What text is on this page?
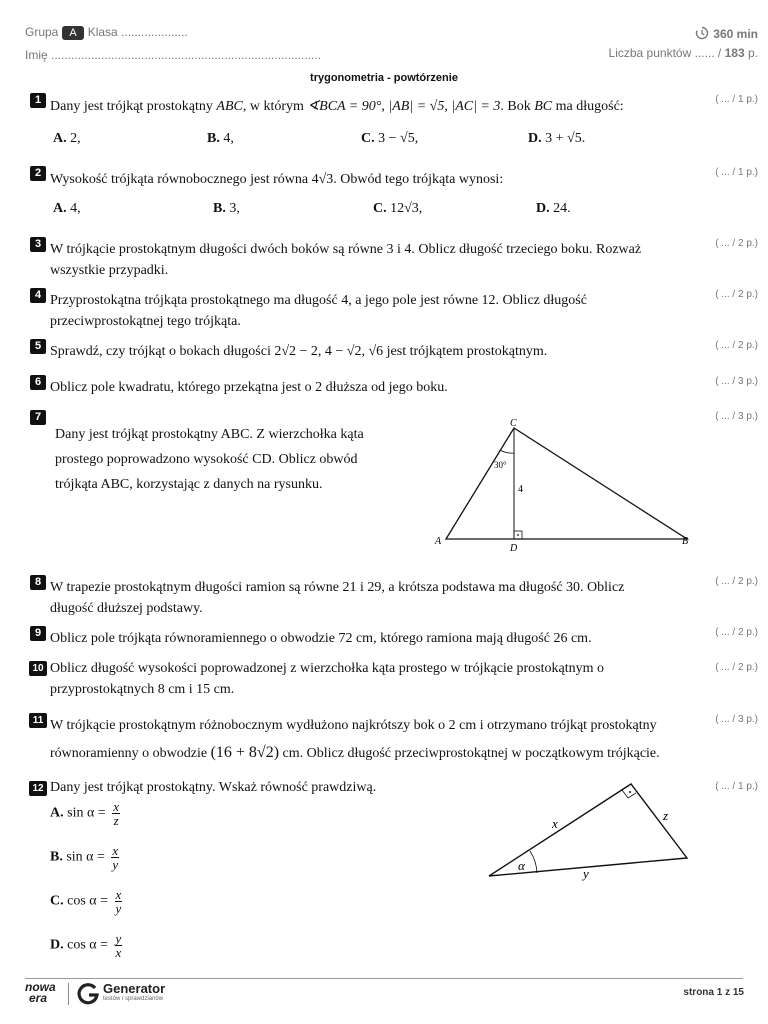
Grupa A Klasa ....................
Imię .................................................................................
360 min
Liczba punktów ...... / 183 p.
trygonometria - powtórzenie
1 Dany jest trójkąt prostokątny ABC, w którym ∢BCA = 90°, |AB| = √5, |AC| = 3. Bok BC ma długość:	( ... / 1 p.)
A. 2,	B. 4,	C. 3 − √5,	D. 3 + √5.
2 Wysokość trójkąta równobocznego jest równa 4√3. Obwód tego trójkąta wynosi:	( ... / 1 p.)
A. 4,	B. 3,	C. 12√3,	D. 24.
3 W trójkącie prostokątnym długości dwóch boków są równe 3 i 4. Oblicz długość trzeciego boku. Rozważ
wszystkie przypadki.
( ... / 2 p.)
4 Przyprostokątna trójkąta prostokątnego ma długość 4, a jego pole jest równe 12. Oblicz długość
przeciwprostokątnej tego trójkąta.
( ... / 2 p.)
5 Sprawdź, czy trójkąt o bokach długości 2√2 − 2, 4 − √2, √6 jest trójkątem prostokątnym.	( ... / 2 p.)
6 Oblicz pole kwadratu, którego przekątna jest o 2 dłuższa od jego boku.	( ... / 3 p.)
7
Dany jest trójkąt prostokątny ABC. Z wierzchołka kąta
prostego poprowadzono wysokość CD. Oblicz obwód
trójkąta ABC, korzystając z danych na rysunku.
( ... / 3 p.)
C
A	B
D
30°
4
8 W trapezie prostokątnym długości ramion są równe 21 i 29, a krótsza podstawa ma długość 30. Oblicz
długość dłuższej podstawy.
( ... / 2 p.)
9 Oblicz pole trójkąta równoramiennego o obwodzie 72 cm, którego ramiona mają długość 26 cm.	( ... / 2 p.)
10 Oblicz długość wysokości poprowadzonej z wierzchołka kąta prostego w trójkącie prostokątnym o
przyprostokątnych 8 cm i 15 cm.
( ... / 2 p.)
11 W trójkącie prostokątnym różnobocznym wydłużono najkrótszy bok o 2 cm i otrzymano trójkąt prostokątny
równoramienny o obwodzie (16 + 8√2) cm. Oblicz długość przeciwprostokątnej w początkowym trójkącie.
( ... / 3 p.)
12 Dany jest trójkąt prostokątny. Wskaż równość prawdziwą.	( ... / 1 p.)
A. $\sin \alpha = \frac{x}{z}$
B. $\sin \alpha = \frac{x}{y}$
C. $\cos \alpha = \frac{x}{y}$
D. $\cos \alpha = \frac{y}{x}$
α
x
y
z
nowa
era
Generator
testów i sprawdzianów
strona 1 z 15
